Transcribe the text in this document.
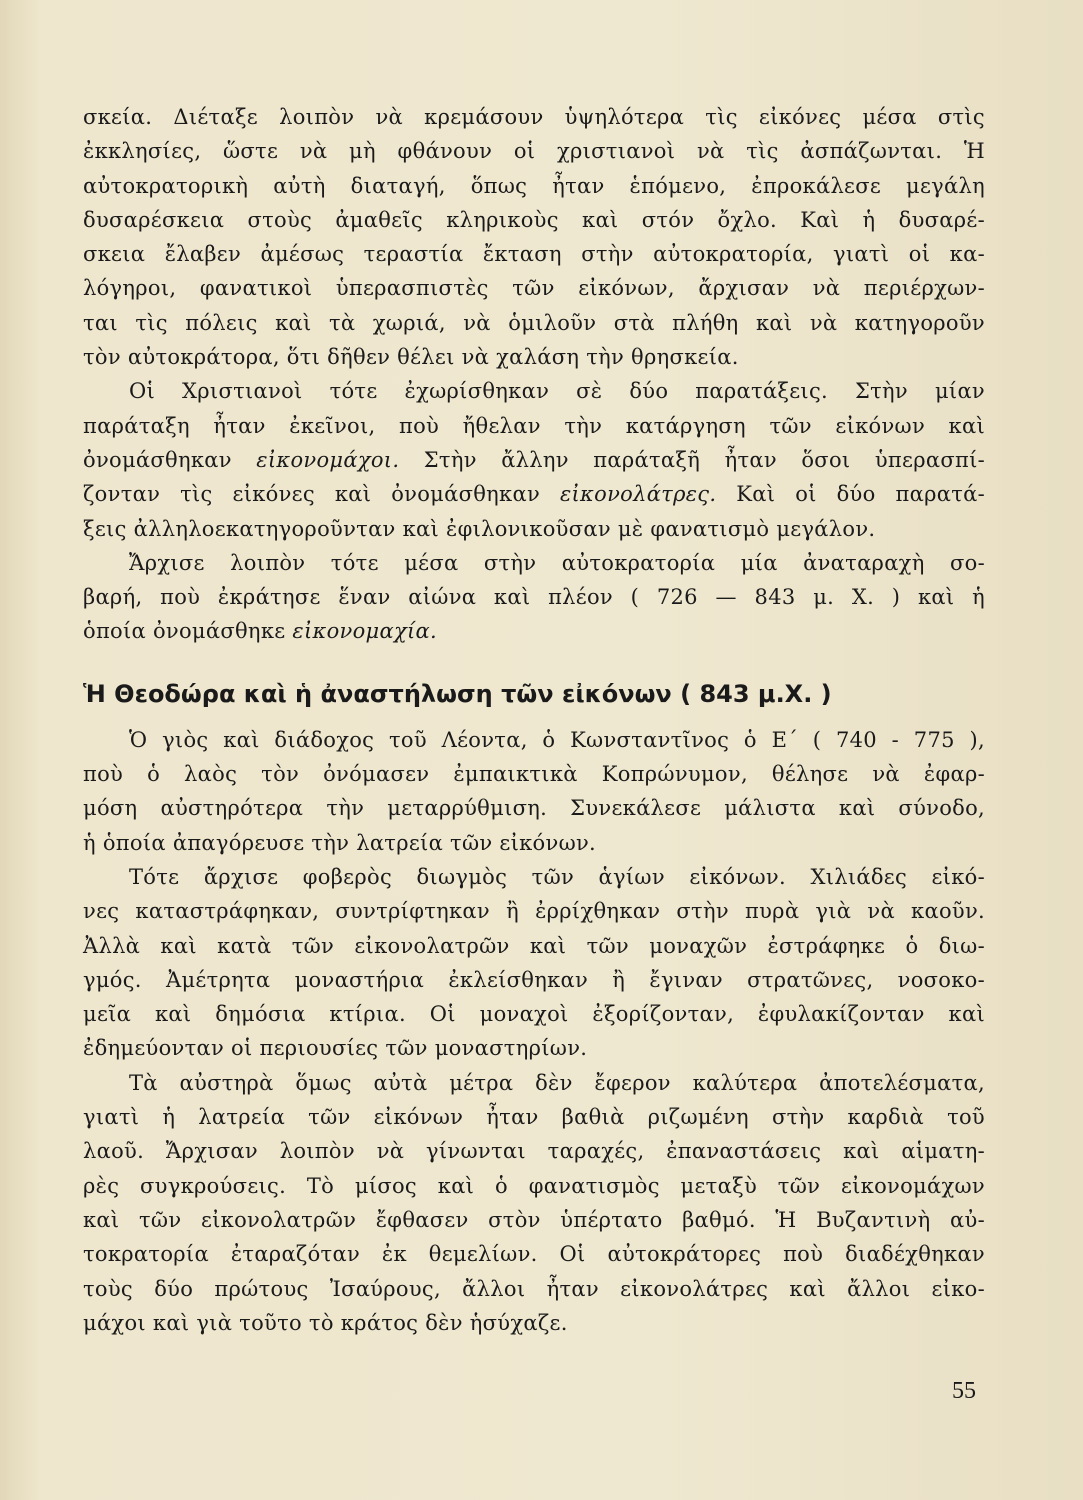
σκεία. Διέταξε λοιπὸν νὰ κρεμάσουν ὑψηλότερα τὶς εἰκόνες μέσα στὶς
ἐκκλησίες, ὥστε νὰ μὴ φθάνουν οἱ χριστιανοὶ νὰ τὶς ἀσπάζωνται. Ἡ
αὐτοκρατορικὴ αὐτὴ διαταγή, ὅπως ἦταν ἑπόμενο, ἐπροκάλεσε μεγάλη
δυσαρέσκεια στοὺς ἀμαθεῖς κληρικοὺς καὶ στόν ὄχλο. Καὶ ἡ δυσαρέ-
σκεια ἔλαβεν ἀμέσως τεραστία ἔκταση στὴν αὐτοκρατορία, γιατὶ οἱ κα-
λόγηροι, φανατικοὶ ὑπερασπιστὲς τῶν εἰκόνων, ἄρχισαν νὰ περιέρχων-
ται τὶς πόλεις καὶ τὰ χωριά, νὰ ὁμιλοῦν στὰ πλήθη καὶ νὰ κατηγοροῦν
τὸν αὐτοκράτορα, ὅτι δῆθεν θέλει νὰ χαλάση τὴν θρησκεία.
Οἱ Χριστιανοὶ τότε ἐχωρίσθηκαν σὲ δύο παρατάξεις. Στὴν μίαν
παράταξη ἦταν ἐκεῖνοι, ποὺ ἤθελαν τὴν κατάργηση τῶν εἰκόνων καὶ
ὀνομάσθηκαν εἰκονομάχοι. Στὴν ἄλλην παράταξῆ ἦταν ὅσοι ὑπερασπί-
ζονταν τὶς εἰκόνες καὶ ὀνομάσθηκαν εἰκονολάτρες. Καὶ οἱ δύο παρατά-
ξεις ἀλληλοεκατηγοροῦνταν καὶ ἐφιλονικοῦσαν μὲ φανατισμὸ μεγάλον.
Ἄρχισε λοιπὸν τότε μέσα στὴν αὐτοκρατορία μία ἀναταραχὴ σο-
βαρή, ποὺ ἐκράτησε ἕναν αἰώνα καὶ πλέον ( 726 — 843 μ. Χ. ) καὶ ἡ
ὁποία ὀνομάσθηκε εἰκονομαχία.
Ἡ Θεοδώρα καὶ ἡ ἀναστήλωση τῶν εἰκόνων ( 843 μ.Χ. )
Ὁ γιὸς καὶ διάδοχος τοῦ Λέοντα, ὁ Κωνσταντῖνος ὁ Ε΄ ( 740 - 775 ),
ποὺ ὁ λαὸς τὸν ὀνόμασεν ἐμπαικτικὰ Κοπρώνυμον, θέλησε νὰ ἐφαρ-
μόση αὐστηρότερα τὴν μεταρρύθμιση. Συνεκάλεσε μάλιστα καὶ σύνοδο,
ἡ ὁποία ἀπαγόρευσε τὴν λατρεία τῶν εἰκόνων.
Τότε ἄρχισε φοβερὸς διωγμὸς τῶν ἁγίων εἰκόνων. Χιλιάδες εἰκό-
νες καταστράφηκαν, συντρίφτηκαν ἢ ἐρρίχθηκαν στὴν πυρὰ γιὰ νὰ καοῦν.
Ἀλλὰ καὶ κατὰ τῶν εἰκονολατρῶν καὶ τῶν μοναχῶν ἐστράφηκε ὁ διω-
γμός. Ἀμέτρητα μοναστήρια ἐκλείσθηκαν ἢ ἔγιναν στρατῶνες, νοσοκο-
μεῖα καὶ δημόσια κτίρια. Οἱ μοναχοὶ ἐξορίζονταν, ἐφυλακίζονταν καὶ
ἐδημεύονταν οἱ περιουσίες τῶν μοναστηρίων.
Τὰ αὐστηρὰ ὅμως αὐτὰ μέτρα δὲν ἔφερον καλύτερα ἀποτελέσματα,
γιατὶ ἡ λατρεία τῶν εἰκόνων ἦταν βαθιὰ ριζωμένη στὴν καρδιὰ τοῦ
λαοῦ. Ἄρχισαν λοιπὸν νὰ γίνωνται ταραχές, ἐπαναστάσεις καὶ αἱματη-
ρὲς συγκρούσεις. Τὸ μίσος καὶ ὁ φανατισμὸς μεταξὺ τῶν εἰκονομάχων
καὶ τῶν εἰκονολατρῶν ἔφθασεν στὸν ὑπέρτατο βαθμό. Ἡ Βυζαντινὴ αὐ-
τοκρατορία ἐταραζόταν ἐκ θεμελίων. Οἱ αὐτοκράτορες ποὺ διαδέχθηκαν
τοὺς δύο πρώτους Ἰσαύρους, ἄλλοι ἦταν εἰκονολάτρες καὶ ἄλλοι εἰκο-
μάχοι καὶ γιὰ τοῦτο τὸ κράτος δὲν ἡσύχαζε.
55
